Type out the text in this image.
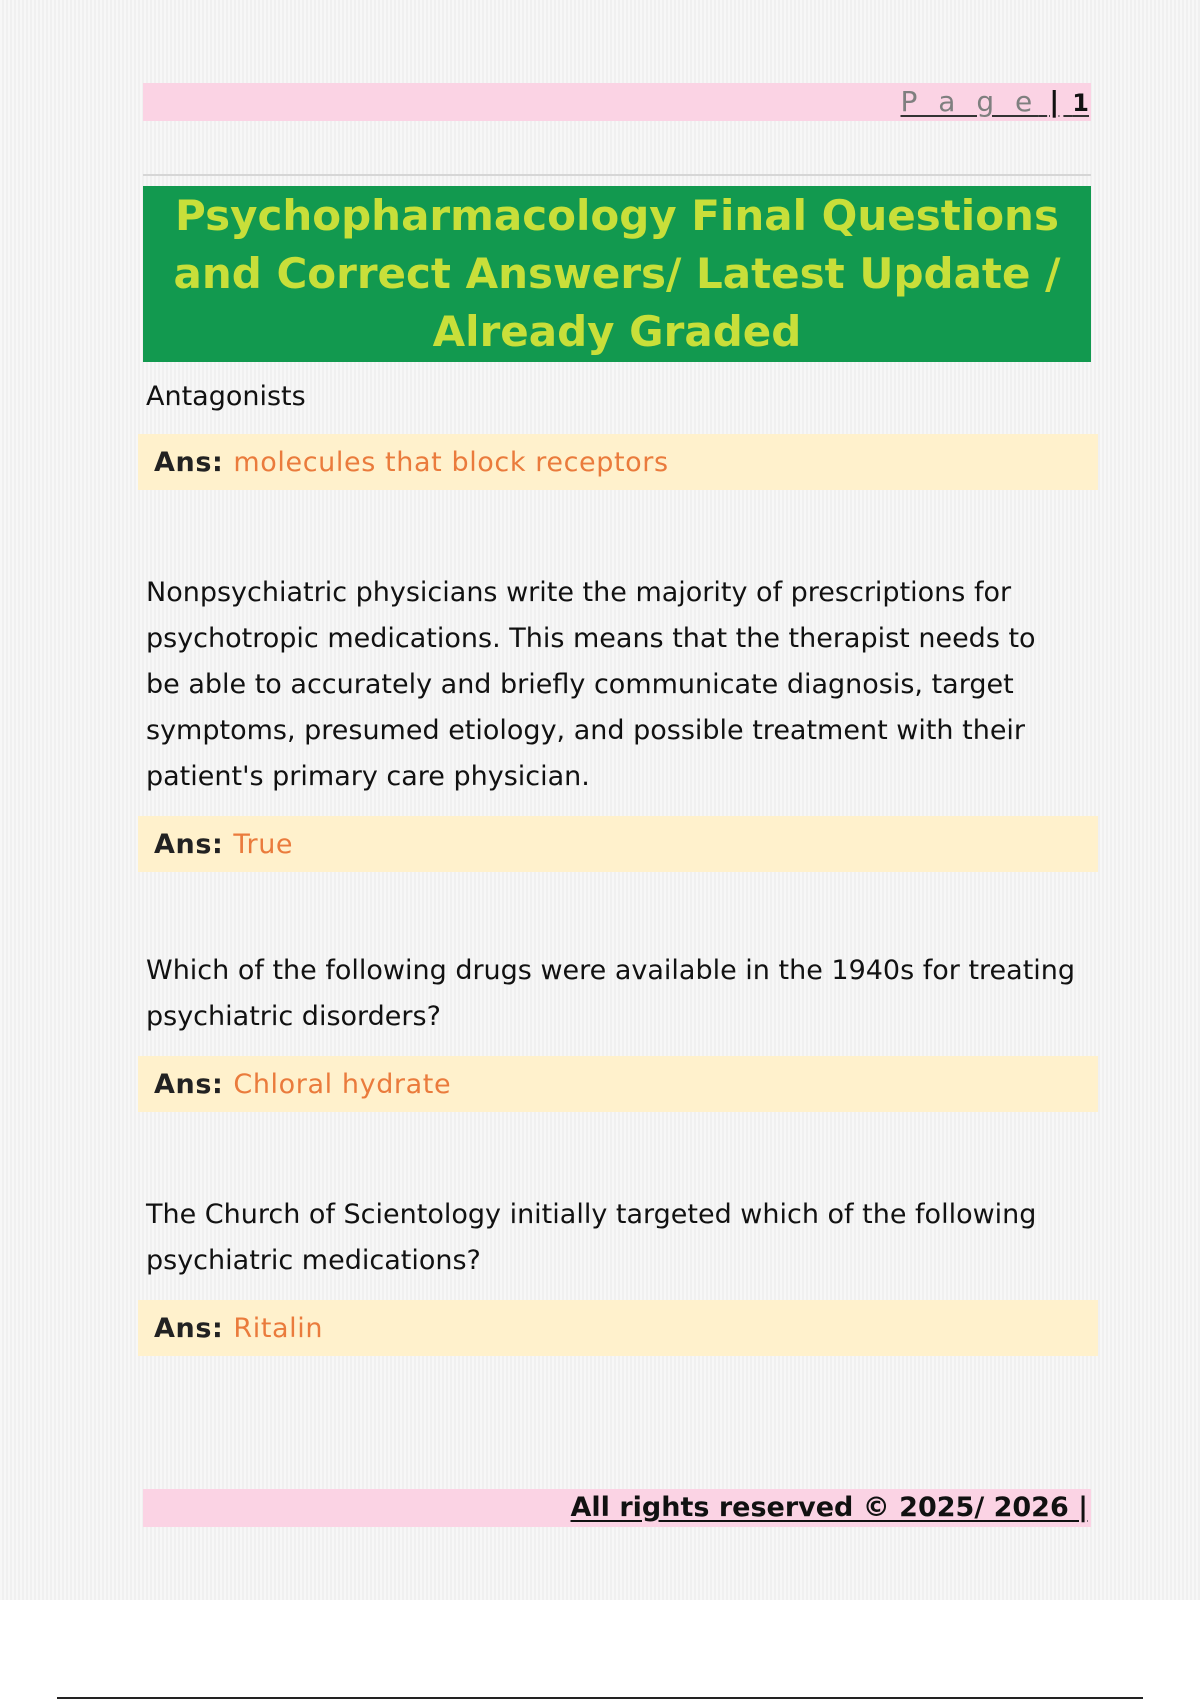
P a g e | 1
Psychopharmacology Final Questions and Correct Answers/ Latest Update / Already Graded

Antagonists

Ans: molecules that block receptors

Nonpsychiatric physicians write the majority of prescriptions for psychotropic medications. This means that the therapist needs to be able to accurately and briefly communicate diagnosis, target symptoms, presumed etiology, and possible treatment with their patient's primary care physician.

Ans: True

Which of the following drugs were available in the 1940s for treating psychiatric disorders?

Ans: Chloral hydrate

The Church of Scientology initially targeted which of the following psychiatric medications?

Ans: Ritalin
All rights reserved © 2025/ 2026 |
